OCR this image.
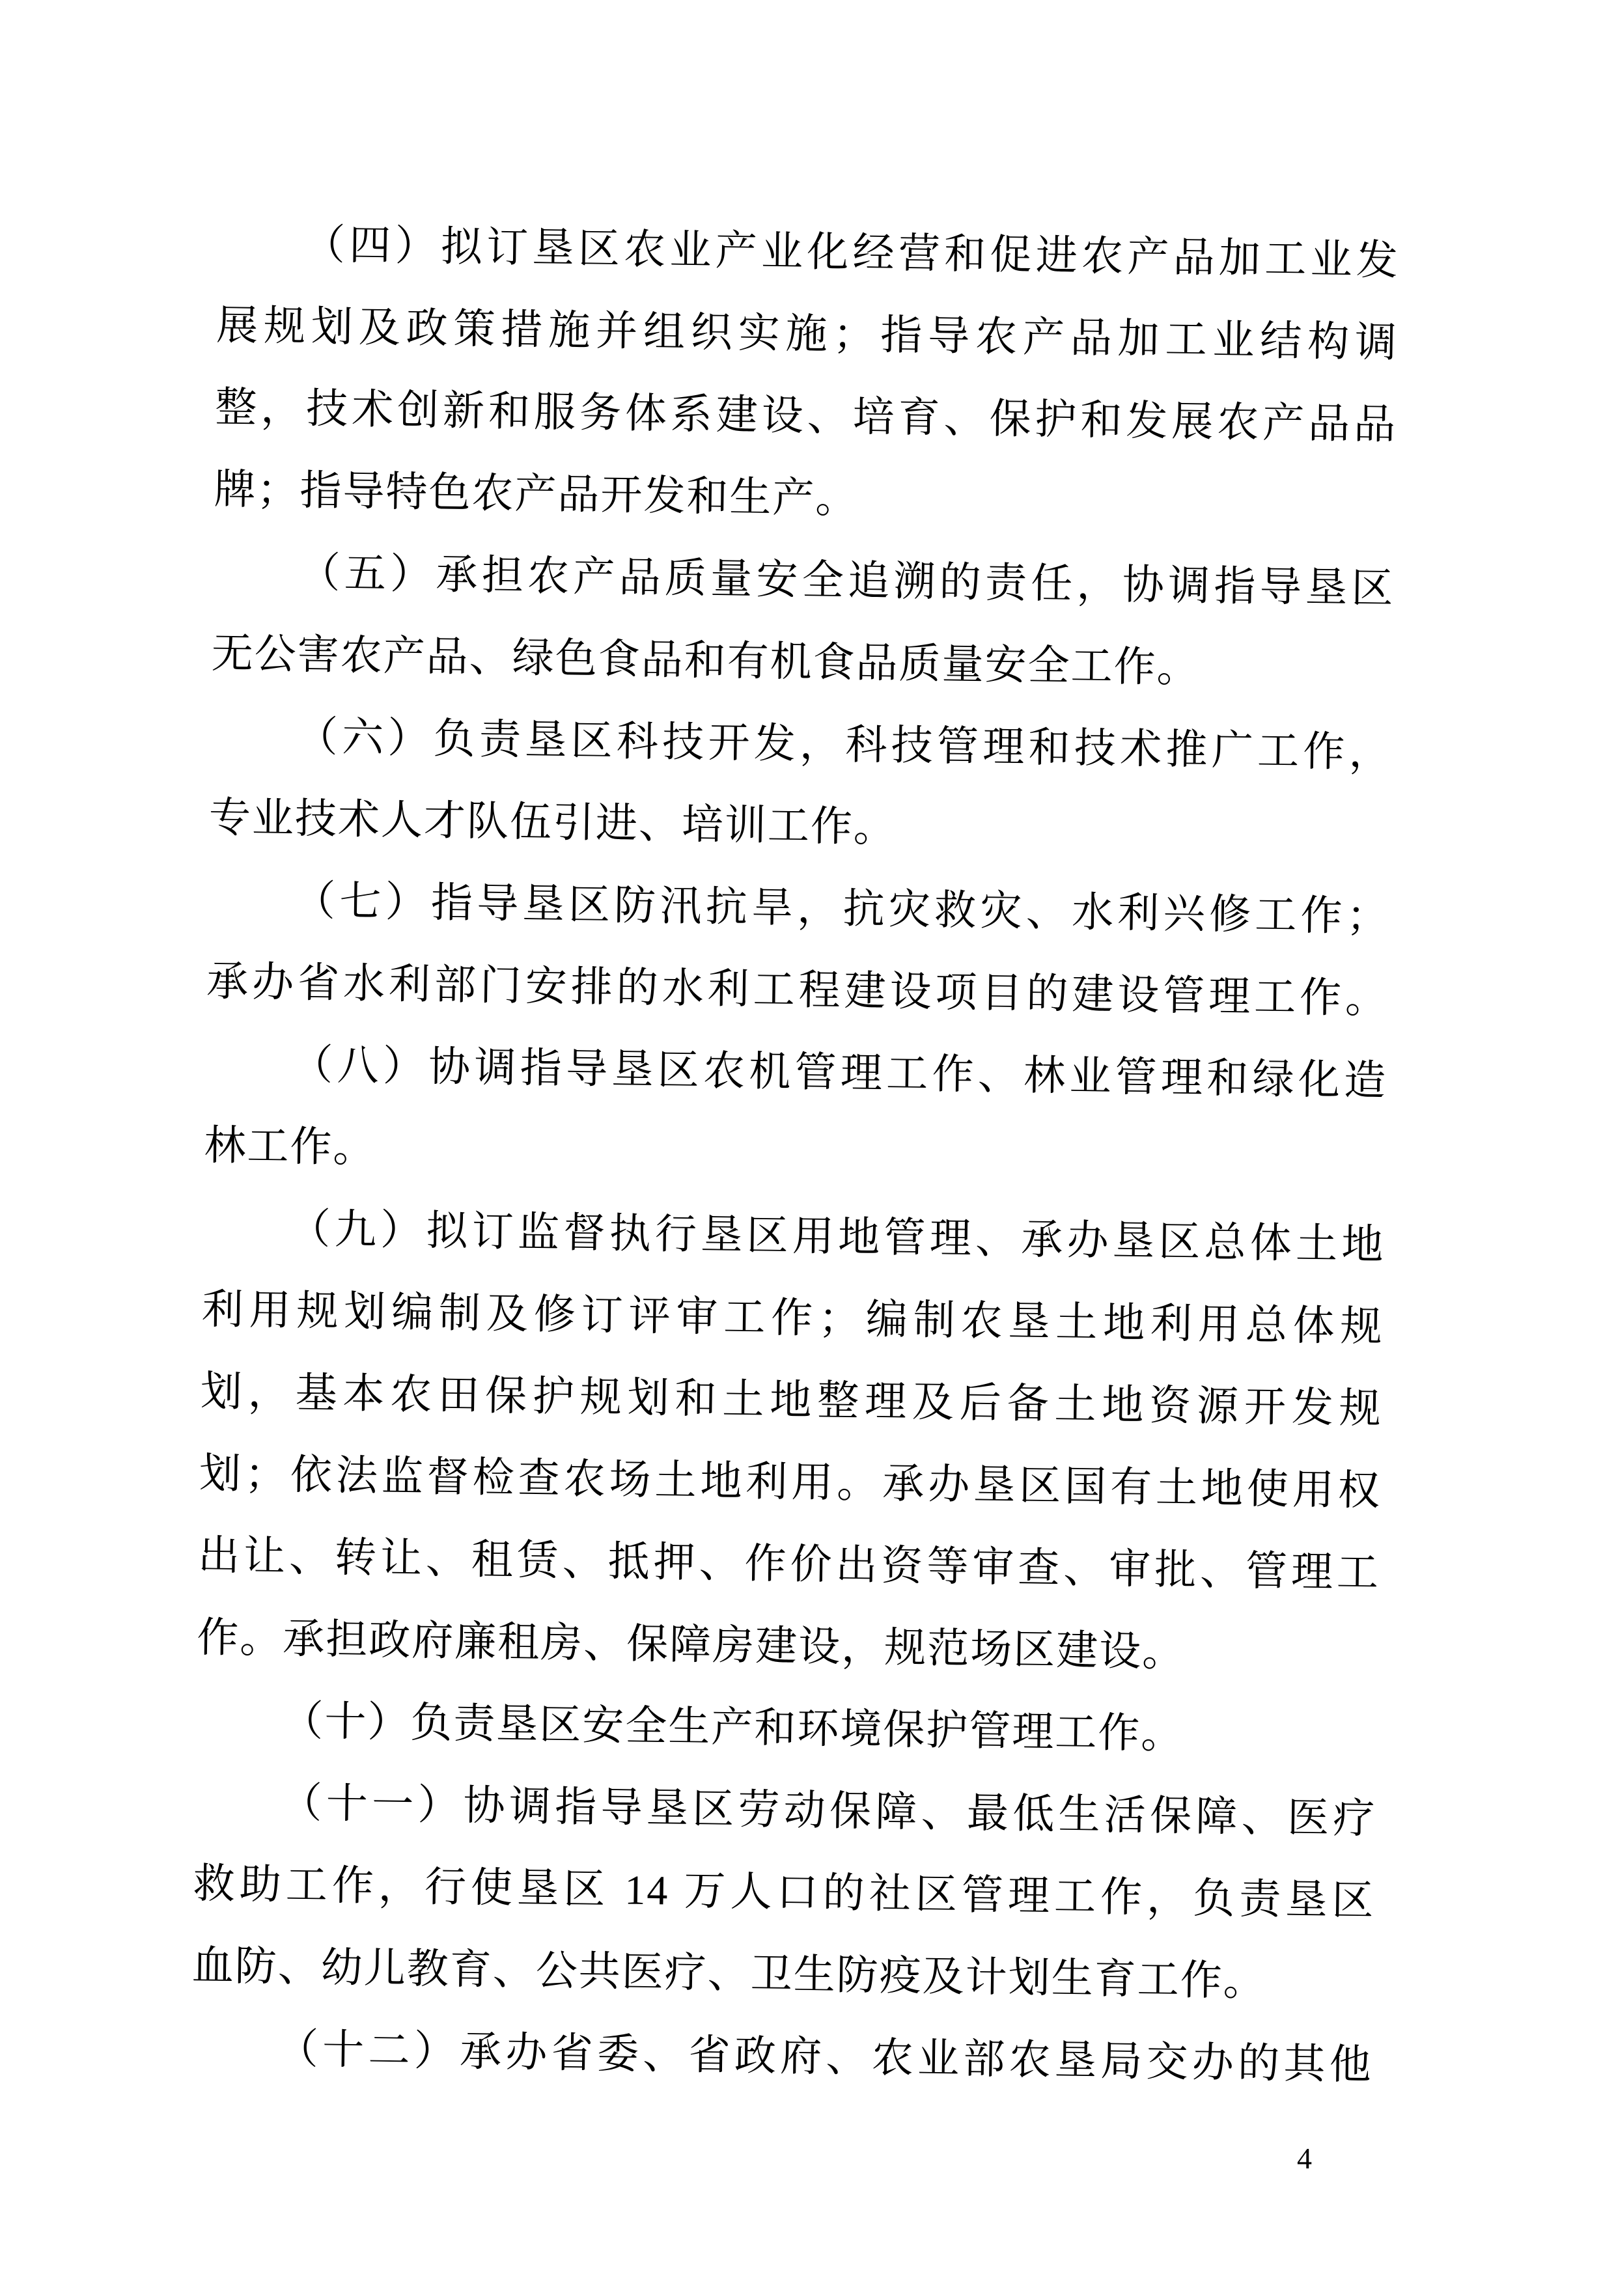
（四）拟订垦区农业产业化经营和促进农产品加工业发
展规划及政策措施并组织实施；指导农产品加工业结构调
整，技术创新和服务体系建设、培育、保护和发展农产品品
牌；指导特色农产品开发和生产。

（五）承担农产品质量安全追溯的责任，协调指导垦区
无公害农产品、绿色食品和有机食品质量安全工作。

（六）负责垦区科技开发，科技管理和技术推广工作，
专业技术人才队伍引进、培训工作。

（七）指导垦区防汛抗旱，抗灾救灾、水利兴修工作；
承办省水利部门安排的水利工程建设项目的建设管理工作。

（八）协调指导垦区农机管理工作、林业管理和绿化造
林工作。

（九）拟订监督执行垦区用地管理、承办垦区总体土地
利用规划编制及修订评审工作；编制农垦土地利用总体规
划，基本农田保护规划和土地整理及后备土地资源开发规
划；依法监督检查农场土地利用。承办垦区国有土地使用权
出让、转让、租赁、抵押、作价出资等审查、审批、管理工
作。承担政府廉租房、保障房建设，规范场区建设。

（十）负责垦区安全生产和环境保护管理工作。

（十一）协调指导垦区劳动保障、最低生活保障、医疗
救助工作，行使垦区 14 万人口的社区管理工作，负责垦区
血防、幼儿教育、公共医疗、卫生防疫及计划生育工作。

（十二）承办省委、省政府、农业部农垦局交办的其他

4
